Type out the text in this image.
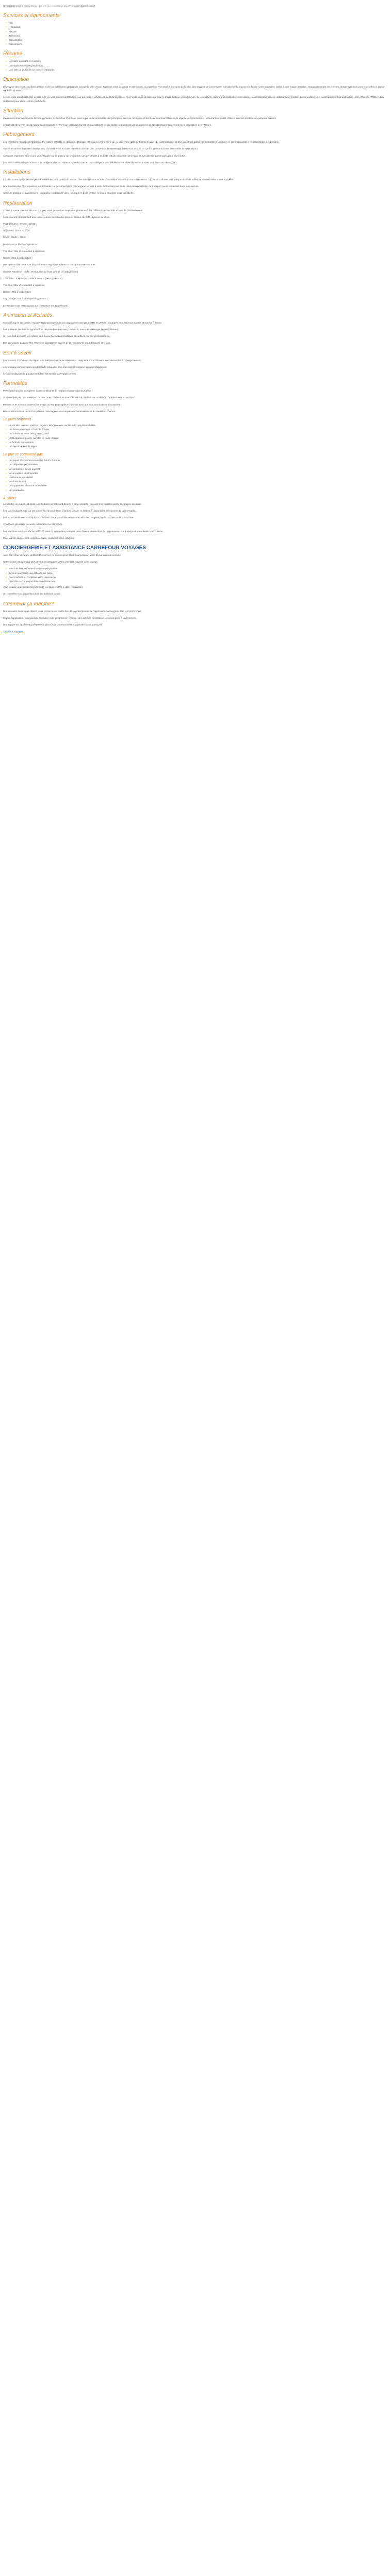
Description Co-pris conciergerie : Co-pris ou conciergerie pour Formalités Carrefourport

Services et équipements
✓ Wifi
✓ Restaurant
✓ Piscine
✓ Télévision
✓ Climatisation
✓ Conciergerie
Résumé
✓ Un cadre apaisant et moderne
✓ Un emplacement de grand choix
✓ Une liste de plusieurs services et d'activités
Description

Découvrez des récits conciliant gestion et de la modélisation globale de suivi de la Ville d'Arac. Rythmez votre parcours en retrouvant, au Carrefour Port situé à deux pas de la ville, des services de conciergerie spécialement conçus pour faciliter votre quotidien. Grâce à une équipe attentive, chaque demande est prise en charge avec soin pour vous offrir un séjour agréable et serein.

Le site veille aux détails, des espaces de vie lumineux et confortables, aux prestations proposées au fil de la journée. Que vous soyez de passage pour le travail ou pour vous détendre, la conciergerie répond à vos besoins : réservations, informations pratiques, assistance et conseils personnalisés vous accompagnent tout au long de votre présence. Profitez d'un lieu pensé pour allier confort et efficacité.

Situation

Idéalement situé au cœur de la zone portuaire, le Carrefour Port vous place à proximité immédiate des principaux axes de circulation et des lieux incontournables de la région. Les commerces, restaurants et points d'intérêt sont accessibles en quelques minutes.

L'hôtel bénéficie d'un accès rapide aux transports en commun ainsi qu'à l'aéroport international, ce qui facilite grandement vos déplacements. Un parking est également mis à disposition des visiteurs.

Hébergement

Les chambres et suites du Carrefour Port allient sobriété et élégance. Chacune est équipée d'une literie de qualité, d'une salle de bains privative, de la climatisation et d'un accès wifi gratuit. Des chambres familiales et communicantes sont disponibles sur demande.

Toutes les unités disposent d'un bureau, d'un coffre-fort et d'une télévision à écran plat. Le service d'entretien quotidien vous assure un confort constant durant l'ensemble de votre séjour.

Certaines chambres offrent une vue dégagée sur le port ou sur les jardins. Les personnes à mobilité réduite trouveront des espaces spécialement aménagés pour leur confort.

Les tarifs varient selon la saison et la catégorie choisie. N'hésitez pas à contacter la conciergerie pour connaître les offres du moment et les conditions de réservation.

Installations

L'établissement propose une piscine extérieure, un espace de détente, une salle de sport et une bibliothèque ouverte à tous les résidents. Le centre d'affaires met à disposition des salles de réunion entièrement équipées.

Une navette peut être organisée sur demande. Le personnel de la conciergerie se tient à votre disposition pour toute réservation d'activité, de transport ou de restaurant dans les environs.

Services pratiques : blanchisserie, bagagerie, location de vélos, boutique et point presse. Animaux acceptés sous conditions.

Restauration

L'hôtel propose une formule tout compris, vous permettant de profiter pleinement des différents restaurants et bars de l'établissement.

Le restaurant principal sert une cuisine variée inspirée des produits locaux, du petit-déjeuner au dîner.

Petit-déjeuner : 07h00 - 10h00

Déjeuner : 12h00 - 14h30

Dîner : 19h00 - 22h00

Restaurant et bars à disposition :

The Blue : Bar et restaurant à la piscine

Bistoro : Bar à la réception

Des options à la carte sont disponibles en supplément dans certains bars et restaurants.

Blanket Patisserie House : Restaurant de fruits de mer (en supplément)

Olive Vine : Restaurant italien à la carte (en supplément)

The Blue : Bar et restaurant à la piscine

Bistoro : Bar à la réception

Sky Lounge : Bar à tapas (en supplément)

Le Rendez-vous : Restaurant sur réservation (en supplément)

Animation et Activités

Tout au long de la journée, l'équipe d'animation propose un programme varié pour petits et grands : aquagym, jeux, tournois sportifs et soirées à thème.

Les amateurs de détente apprécieront l'espace bien-être avec hammam, sauna et massages (en supplément).

Un mini-club accueille les enfants et propose des activités ludiques encadrées par des professionnels.

Des excursions peuvent être réservées directement auprès de la conciergerie pour découvrir la région.

Bon à savoir

Les horaires d'arrivée et de départ sont indiqués lors de la réservation. Une pièce d'identité vous sera demandée à l'enregistrement.

Les animaux sont acceptés sur demande préalable. Des frais supplémentaires peuvent s'appliquer.

Le wifi est disponible gratuitement dans l'ensemble de l'établissement.

Formalités

Passeport français, européens ou ressortissants de l'Espace Économique Européen :

Document requis : Un passeport ou une carte d'identité en cours de validité. Vérifiez les conditions d'entrée avant votre départ.

Mineurs : Les mineurs doivent être munis de leur propre pièce d'identité ainsi que des autorisations nécessaires.

Ressortissants hors Union Européenne : renseignez-vous auprès de l'ambassade ou du consulat concerné.

Le prix comprend
✓ Le vol aller - retour, opéré en régulier, direct ou avec escale selon les disponibilités
✓ Les taxes aériennes et frais de dossier
✓ Les transferts entre l'aéroport et l'hôtel
✓ L'hébergement pour le nombre de nuits réservé
✓ La formule tout compris
✓ Les taxes locales de séjour
Le prix ne comprend pas
✓ Les repas et boissons non inclus dans la formule
✓ Les dépenses personnelles
✓ Les activités et loisirs payants
✓ Les excursions optionnelles
✓ L'assurance annulation
✓ Les frais de visa
✓ Le supplément chambre individuelle
✓ Les pourboires
A savoir

Le nombre de places est limité. Les horaires de vols sont donnés à titre indicatif et peuvent être modifiés par la compagnie aérienne.

Les tarifs indiqués sont par personne, sur la base d'une chambre double, et soumis à disponibilité au moment de la réservation.

Les informations sont susceptibles d'évoluer. Nous vous invitons à contacter la conciergerie pour toute demande particulière.

Conditions générales de vente disponibles sur demande.

Les transferts sont assurés en véhicule privé ou en navette partagée selon l'option choisie lors de la réservation. La durée peut varier selon la circulation.

Pour tout renseignement complémentaire, contactez votre conseiller.

CONCIERGERIE ET ASSISTANCE CARREFOUR VOYAGES

Avec Carrefour Voyages, profitez d'un service de conciergerie dédié pour préparer votre séjour en toute sérénité.

Notre équipe est joignable 7j/7 et vous accompagne avant, pendant et après votre voyage.

✓ Pour tout renseignement sur notre programme
✓ Si vous rencontrez une difficulté sur place
✓ Pour modifier ou compléter votre réservation
✓ Pour être accompagné dans vos démarches

Vous pouvez nous contacter pour toute question relative à votre réservation.

Un conseiller vous rappellera dans les meilleurs délais.

Comment ça marche?

Une semaine avant votre départ, vous recevrez par mail le lien de téléchargement de l'application conciergerie d'un tarif préférentiel.

Depuis l'application, vous pourrez consulter votre programme, réserver des activités et contacter la conciergerie à tout moment.

Une équipe est également présente sur place pour vous accueillir et répondre à vos questions.

Carrefour Voyages
